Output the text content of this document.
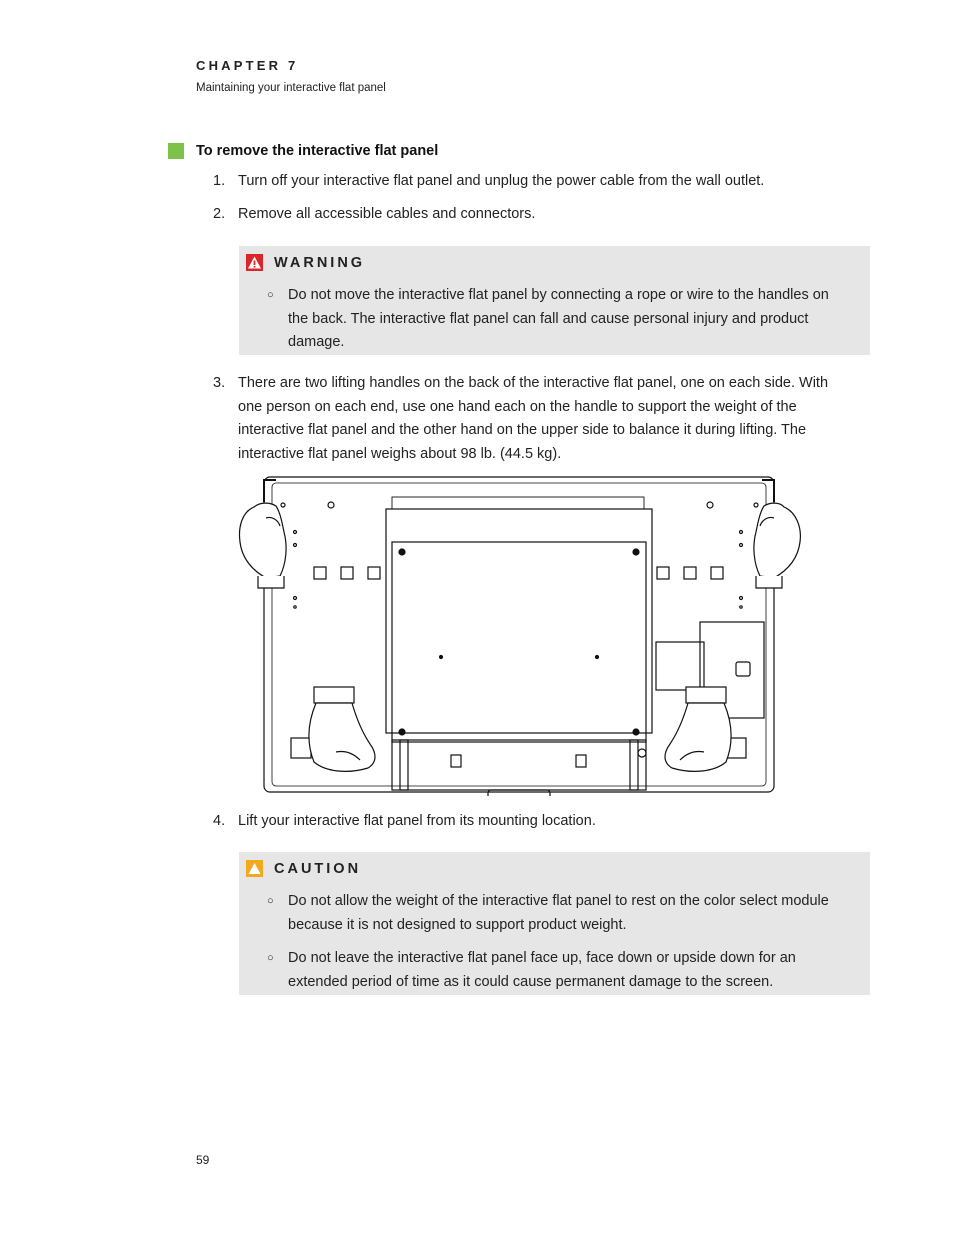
CHAPTER 7
Maintaining your interactive flat panel
To remove the interactive flat panel
1. Turn off your interactive flat panel and unplug the power cable from the wall outlet.
2. Remove all accessible cables and connectors.
WARNING
○ Do not move the interactive flat panel by connecting a rope or wire to the handles on the back. The interactive flat panel can fall and cause personal injury and product damage.
3. There are two lifting handles on the back of the interactive flat panel, one on each side. With one person on each end, use one hand each on the handle to support the weight of the interactive flat panel and the other hand on the upper side to balance it during lifting. The interactive flat panel weighs about 98 lb. (44.5 kg).
4. Lift your interactive flat panel from its mounting location.
CAUTION
○ Do not allow the weight of the interactive flat panel to rest on the color select module because it is not designed to support product weight.
○ Do not leave the interactive flat panel face up, face down or upside down for an extended period of time as it could cause permanent damage to the screen.
59
